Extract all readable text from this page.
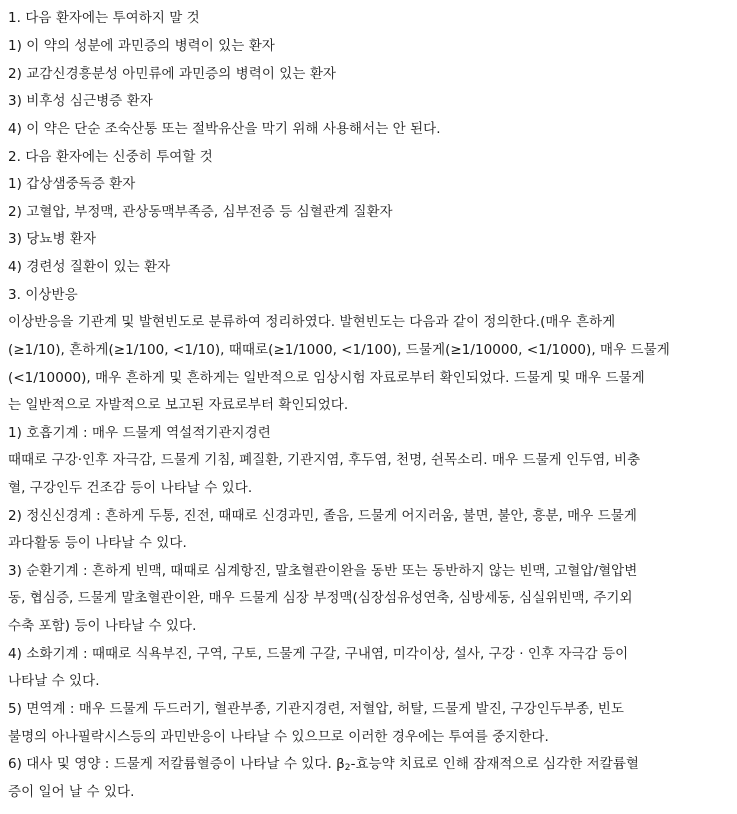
1. 다음 환자에는 투여하지 말 것
1) 이 약의 성분에 과민증의 병력이 있는 환자
2) 교감신경흥분성 아민류에 과민증의 병력이 있는 환자
3) 비후성 심근병증 환자
4) 이 약은 단순 조숙산통 또는 절박유산을 막기 위해 사용해서는 안 된다.
2. 다음 환자에는 신중히 투여할 것
1) 갑상샘중독증 환자
2) 고혈압, 부정맥, 관상동맥부족증, 심부전증 등 심혈관계 질환자
3) 당뇨병 환자
4) 경련성 질환이 있는 환자
3. 이상반응
이상반응을 기관계 및 발현빈도로 분류하여 정리하였다. 발현빈도는 다음과 같이 정의한다.(매우 흔하게
(≥1/10), 흔하게(≥1/100, <1/10), 때때로(≥1/1000, <1/100), 드물게(≥1/10000, <1/1000), 매우 드물게
(<1/10000), 매우 흔하게 및 흔하게는 일반적으로 임상시험 자료로부터 확인되었다. 드물게 및 매우 드물게
는 일반적으로 자발적으로 보고된 자료로부터 확인되었다.
1) 호흡기계 : 매우 드물게 역설적기관지경련
때때로 구강·인후 자극감, 드물게 기침, 폐질환, 기관지염, 후두염, 천명, 쉰목소리. 매우 드물게 인두염, 비충
혈, 구강인두 건조감 등이 나타날 수 있다.
2) 정신신경계 : 흔하게 두통, 진전, 때때로 신경과민, 졸음, 드물게 어지러움, 불면, 불안, 흥분, 매우 드물게
과다활동 등이 나타날 수 있다.
3) 순환기계 : 흔하게 빈맥, 때때로 심계항진, 말초혈관이완을 동반 또는 동반하지 않는 빈맥, 고혈압/혈압변
동, 협심증, 드물게 말초혈관이완, 매우 드물게 심장 부정맥(심장섬유성연축, 심방세동, 심실위빈맥, 주기외
수축 포함) 등이 나타날 수 있다.
4) 소화기계 : 때때로 식욕부진, 구역, 구토, 드물게 구갈, 구내염, 미각이상, 설사, 구강 · 인후 자극감 등이
나타날 수 있다.
5) 면역계 : 매우 드물게 두드러기, 혈관부종, 기관지경련, 저혈압, 허탈, 드물게 발진, 구강인두부종, 빈도
불명의 아나필락시스등의 과민반응이 나타날 수 있으므로 이러한 경우에는 투여를 중지한다.
6) 대사 및 영양 : 드물게 저칼륨혈증이 나타날 수 있다. $\beta_2-$효능약 치료로 인해 잠재적으로 심각한 저칼륨혈
증이 일어 날 수 있다.
